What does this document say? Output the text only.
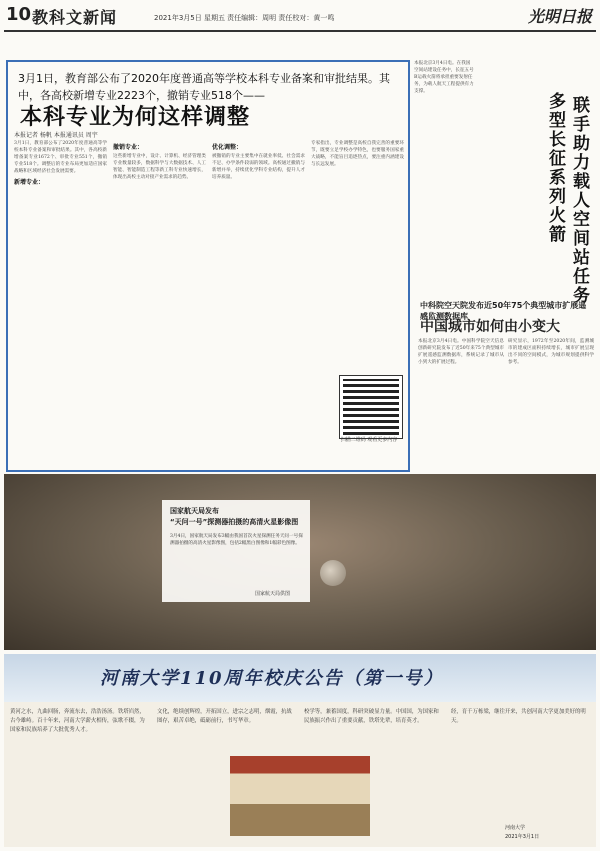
10 教科文新闻	2021年3月5日 星期五 责任编辑：周明 责任校对：黄一鸣	光明日报
3月1日，教育部公布了2020年度普通高等学校本科专业备案和审批结果。其中，各高校新增专业2223个，撤销专业518个——
本科专业为何这样调整
本报记者 杨帆 本报通讯员 周宇
3月1日，教育部公布了2020年度普通高等学校本科专业备案和审批结果。其中，各高校新增备案专业1672个、审批专业551个，撤销专业518个。调整后的专业布局更加适应国家战略和区域经济社会发展需要。
新增专业：
撤销专业：
这些新增专业中，设计、计算机、经济管理类专业数量较多，数据科学与大数据技术、人工智能、智能制造工程等新工科专业快速增长，体现出高校主动对接产业需求的趋势。
优化调整：
被撤销的专业主要集中在就业率低、社会需求不足、办学条件较弱的领域。高校通过撤销与新增并举，持续优化学科专业结构，提升人才培养质量。
专家指出，专业调整是高校自我完善的重要环节，既要立足学校办学特色，也要服务国家重大战略，不能盲目追逐热点，要注重内涵建设与长远发展。
扫描二维码 观看更多内容
本报北京3月4日电。在我国空间站建设任务中，长征五号B运载火箭将承担重要发射任务，为载人航天工程提供有力支撑。
多型长征系列火箭 联手助力载人空间站任务
中科院空天院发布近50年75个典型城市扩展遥感监测数据库
中国城市如何由小变大
本报北京3月4日电。中国科学院空天信息创新研究院发布了近50年来75个典型城市扩展遥感监测数据库，系统记录了城市从小到大的扩展过程。
研究显示，1972年至2020年间，监测城市的建成区面积持续增长，城市扩展呈现出不同的空间模式，为城市规划提供科学参考。
国家航天局发布
“天问一号”探测器拍摄的高清火星影像图
3月4日，国家航天局发布3幅由我国首次火星探测任务天问一号探测器拍摄的高清火星影像图，包括2幅黑白图像和1幅彩色图像。
国家航天局供图
河南大学110周年校庆公告（第一号）
黄河之水，九曲回肠，奔流东去，浩浩汤汤。铁塔岿然，古今雄峙。百十年来，河南大学薪火相传，弦歌不辍，为国家和民族培养了大批优秀人才。
文化，绝续创辉煌，开拓国立，进宗之志明，烟霞，抗战图存，艰苦卓绝，砥砺前行，书写华章。
校学等，兼蓄国度，科研突破显力量。中国国，为国家和民族振兴作出了重要贡献，铁塔先辈，培育英才。
经，育千万栋梁，继往开来，共创河南大学更加美好的明天。
河南大学
2021年3月1日
